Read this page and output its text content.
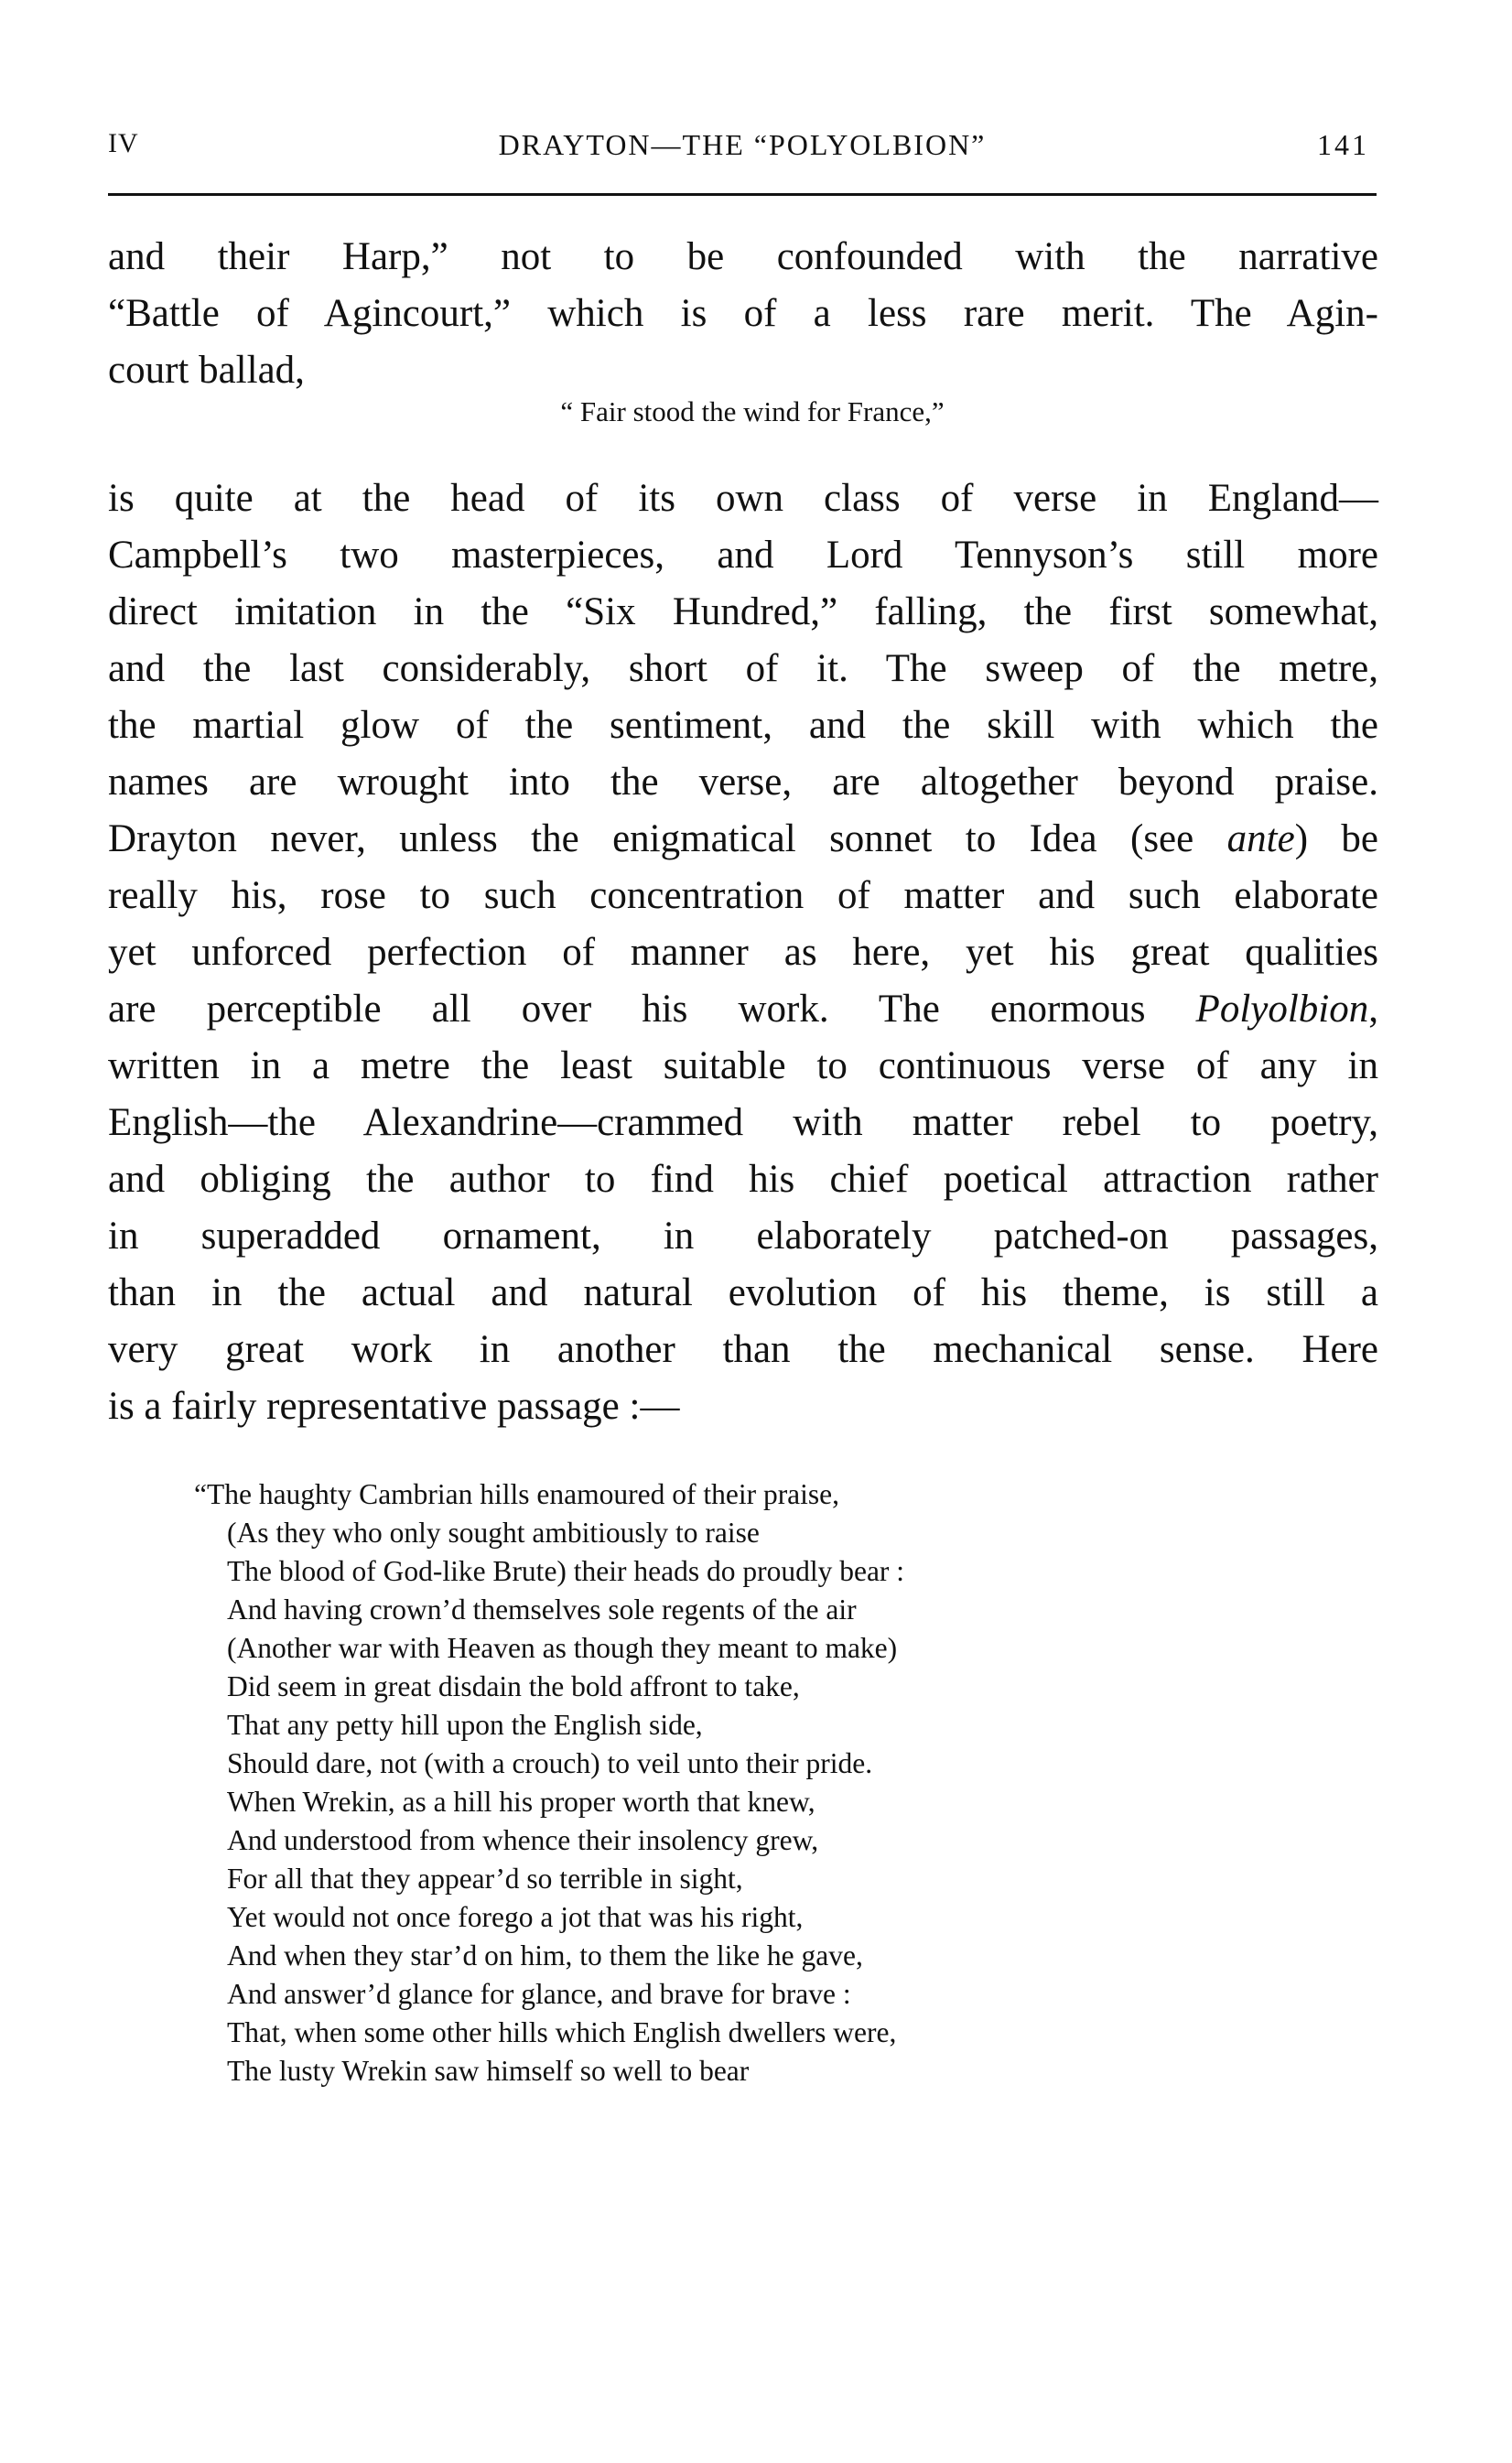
IV	DRAYTON—THE “POLYOLBION”	141
and their Harp,” not to be confounded with the narrative
“Battle of Agincourt,” which is of a less rare merit. The Agin-
court ballad,
“ Fair stood the wind for France,”
is quite at the head of its own class of verse in England—
Campbell’s two masterpieces, and Lord Tennyson’s still more
direct imitation in the “Six Hundred,” falling, the first somewhat,
and the last considerably, short of it. The sweep of the metre,
the martial glow of the sentiment, and the skill with which the
names are wrought into the verse, are altogether beyond praise.
Drayton never, unless the enigmatical sonnet to Idea (see ante) be
really his, rose to such concentration of matter and such elaborate
yet unforced perfection of manner as here, yet his great qualities
are perceptible all over his work. The enormous Polyolbion,
written in a metre the least suitable to continuous verse of any in
English—the Alexandrine—crammed with matter rebel to poetry,
and obliging the author to find his chief poetical attraction rather
in superadded ornament, in elaborately patched-on passages,
than in the actual and natural evolution of his theme, is still a
very great work in another than the mechanical sense. Here
is a fairly representative passage :—
“The haughty Cambrian hills enamoured of their praise,
(As they who only sought ambitiously to raise
The blood of God-like Brute) their heads do proudly bear :
And having crown’d themselves sole regents of the air
(Another war with Heaven as though they meant to make)
Did seem in great disdain the bold affront to take,
That any petty hill upon the English side,
Should dare, not (with a crouch) to veil unto their pride.
When Wrekin, as a hill his proper worth that knew,
And understood from whence their insolency grew,
For all that they appear’d so terrible in sight,
Yet would not once forego a jot that was his right,
And when they star’d on him, to them the like he gave,
And answer’d glance for glance, and brave for brave :
That, when some other hills which English dwellers were,
The lusty Wrekin saw himself so well to bear
